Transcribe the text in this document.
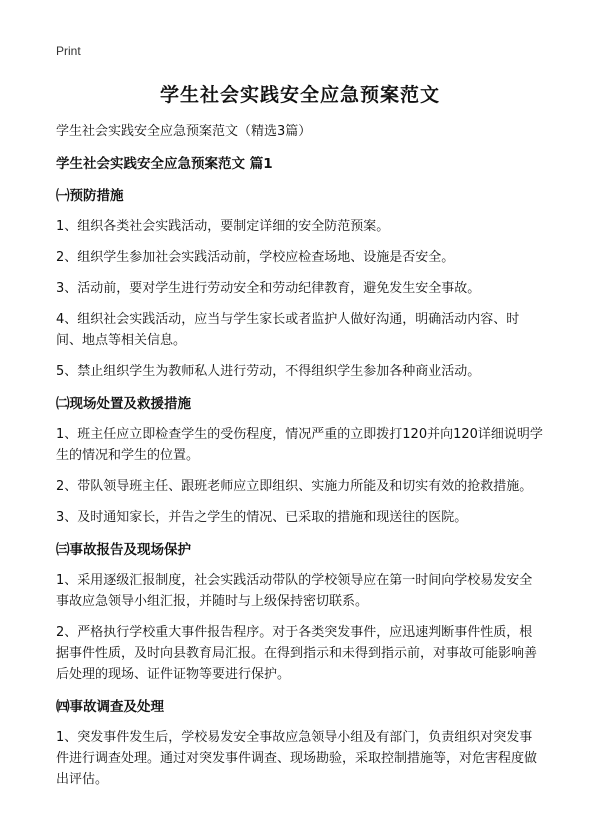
Print
学生社会实践安全应急预案范文
学生社会实践安全应急预案范文（精选3篇）
学生社会实践安全应急预案范文 篇1
㈠预防措施
1、组织各类社会实践活动，要制定详细的安全防范预案。
2、组织学生参加社会实践活动前，学校应检查场地、设施是否安全。
3、活动前，要对学生进行劳动安全和劳动纪律教育，避免发生安全事故。
4、组织社会实践活动，应当与学生家长或者监护人做好沟通，明确活动内容、时间、地点等相关信息。
5、禁止组织学生为教师私人进行劳动，不得组织学生参加各种商业活动。
㈡现场处置及救援措施
1、班主任应立即检查学生的受伤程度，情况严重的立即拨打120并向120详细说明学生的情况和学生的位置。
2、带队领导班主任、跟班老师应立即组织、实施力所能及和切实有效的抢救措施。
3、及时通知家长，并告之学生的情况、已采取的措施和现送往的医院。
㈢事故报告及现场保护
1、采用逐级汇报制度，社会实践活动带队的学校领导应在第一时间向学校易发安全事故应急领导小组汇报，并随时与上级保持密切联系。
2、严格执行学校重大事件报告程序。对于各类突发事件，应迅速判断事件性质，根据事件性质，及时向县教育局汇报。在得到指示和未得到指示前，对事故可能影响善后处理的现场、证件证物等要进行保护。
㈣事故调查及处理
1、突发事件发生后，学校易发安全事故应急领导小组及有部门，负责组织对突发事件进行调查处理。通过对突发事件调查、现场勘验，采取控制措施等，对危害程度做出评估。
